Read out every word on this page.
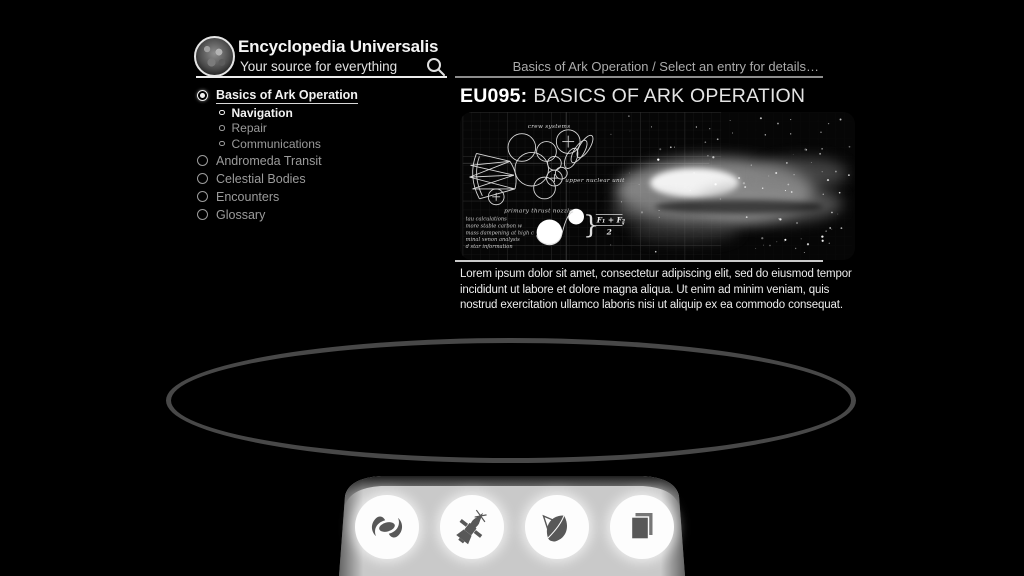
Encyclopedia Universalis
Your source for everything	Basics of Ark Operation / Select an entry for details…
Basics of Ark Operation
Navigation
Repair
Communications
Andromeda Transit
Celestial Bodies
Encounters
Glossary
EU095: BASICS OF ARK OPERATION
crew systems
upper nuclear unit
primary thrust nozzle }
F₁ + F₂
2
tau calculations
more stable carbon w
mass dampening at high c
minal xenon analysis
d star information
Lorem ipsum dolor sit amet, consectetur adipiscing elit, sed do eiusmod tempor
incididunt ut labore et dolore magna aliqua. Ut enim ad minim veniam, quis
nostrud exercitation ullamco laboris nisi ut aliquip ex ea commodo consequat.
